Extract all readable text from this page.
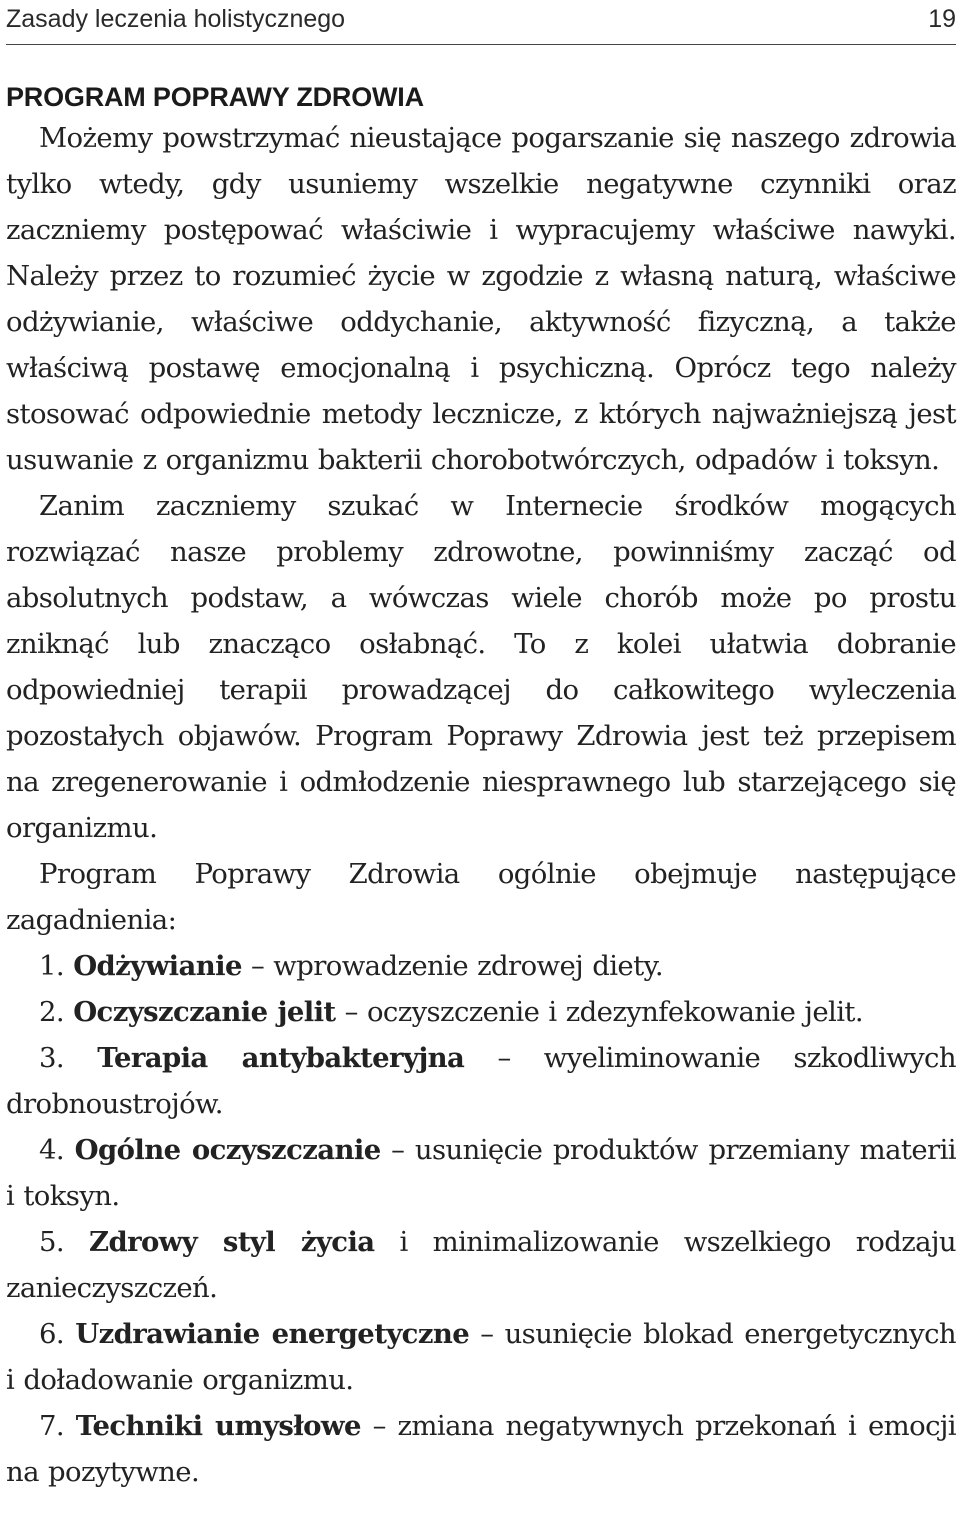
Zasady leczenia holistycznego	19
PROGRAM POPRAWY ZDROWIA

Możemy powstrzymać nieustające pogarszanie się naszego zdrowia tylko wtedy, gdy usuniemy wszelkie negatywne czynniki oraz zaczniemy postępować właściwie i wypracujemy właściwe nawyki. Należy przez to rozumieć życie w zgodzie z własną naturą, właściwe odżywianie, właściwe oddychanie, aktywność fizyczną, a także właściwą postawę emocjonalną i psychiczną. Oprócz tego należy stosować odpowiednie metody lecznicze, z których najważniejszą jest usuwanie z organizmu bakterii chorobotwórczych, odpadów i toksyn.

Zanim zaczniemy szukać w Internecie środków mogących rozwiązać nasze problemy zdrowotne, powinniśmy zacząć od absolutnych podstaw, a wówczas wiele chorób może po prostu zniknąć lub znacząco osłabnąć. To z kolei ułatwia dobranie odpowiedniej terapii prowadzącej do całkowitego wyleczenia pozostałych objawów. Program Poprawy Zdrowia jest też przepisem na zregenerowanie i odmłodzenie niesprawnego lub starzejącego się organizmu.

Program Poprawy Zdrowia ogólnie obejmuje następujące zagadnienia:

1. Odżywianie – wprowadzenie zdrowej diety.

2. Oczyszczanie jelit – oczyszczenie i zdezynfekowanie jelit.

3. Terapia antybakteryjna – wyeliminowanie szkodliwych drobnoustrojów.

4. Ogólne oczyszczanie – usunięcie produktów przemiany materii i toksyn.

5. Zdrowy styl życia i minimalizowanie wszelkiego rodzaju zanieczyszczeń.

6. Uzdrawianie energetyczne – usunięcie blokad energetycznych i doładowanie organizmu.

7. Techniki umysłowe – zmiana negatywnych przekonań i emocji na pozytywne.
